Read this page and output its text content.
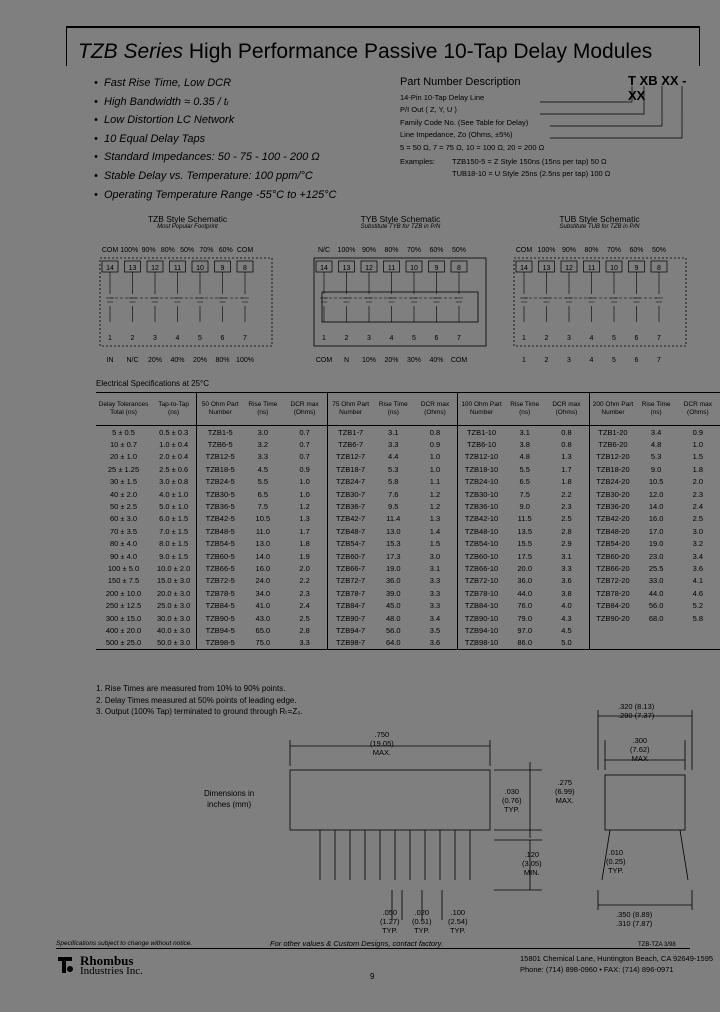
TZB Series High Performance Passive 10-Tap Delay Modules
• Fast Rise Time, Low DCR
• High Bandwidth ≈ 0.35 / tᵣ
• Low Distortion LC Network
• 10 Equal Delay Taps
• Standard Impedances: 50 - 75 - 100 - 200 Ω
• Stable Delay vs. Temperature: 100 ppm/°C
• Operating Temperature Range -55°C to +125°C
Part Number Description	T XB XX - XX
14-Pin 10-Tap Delay Line
P/I Out ( Z, Y, U )
Family Code No. (See Table for Delay)
Line Impedance, Zo (Ohms, ±5%)
5 = 50 Ω, 7 = 75 Ω, 10 = 100 Ω, 20 = 200 Ω
Examples: TZB150-5 = Z Style 150ns (15ns per tap) 50 Ω
TUB18-10 = U Style 25ns (2.5ns per tap) 100 Ω
TZB Style Schematic
Most Popular Footprint
TYB Style Schematic
Substitute TYB for TZB in P/N
TUB Style Schematic
Substitute TUB for TZB in P/N
COM 100% 90% 80% 50% 70% 60% COM
14 13 12 11 10 9	8
1	2	3	4	5	6	7
IN N/C 20% 40% 20% 80% 100%
N/C 100% 90% 80% 70% 60% 50%
14 13 12 11 10 9	8
1	2	3	4	5	6	7
COM N 10% 20% 30% 40% COM
COM 100% 90% 80% 70% 60% 50%
14 13 12 11 10 9	8
1	2	3	4	5	6	7
1	2	3	4	5	6	7
Electrical Specifications at 25°C
Delay Tolerances Total (ns)	Tap-to-Tap (ns)	50 Ohm Part Number	Rise Time (ns)	DCR max (Ohms)	75 Ohm Part Number	Rise Time (ns)	DCR max (Ohms)	100 Ohm Part Number	Rise Time (ns)	DCR max (Ohms)	200 Ohm Part Number	Rise Time (ns)	DCR max (Ohms)
5 ± 0.5	0.5 ± 0.3	TZB1-5	3.0	0.7	TZB1-7	3.1	0.8	TZB1-10	3.1	0.8	TZB1-20	3.4	0.9
10 ± 0.7	1.0 ± 0.4	TZB6-5	3.2	0.7	TZB6-7	3.3	0.9	TZB6-10	3.8	0.8	TZB6-20	4.8	1.0
20 ± 1.0	2.0 ± 0.4	TZB12-5	3.3	0.7	TZB12-7	4.4	1.0	TZB12-10	4.8	1.3	TZB12-20	5.3	1.5
25 ± 1.25	2.5 ± 0.6	TZB18-5	4.5	0.9	TZB18-7	5.3	1.0	TZB18-10	5.5	1.7	TZB18-20	9.0	1.8
30 ± 1.5	3.0 ± 0.8	TZB24-5	5.5	1.0	TZB24-7	5.8	1.1	TZB24-10	6.5	1.8	TZB24-20	10.5	2.0
40 ± 2.0	4.0 ± 1.0	TZB30-5	6.5	1.0	TZB30-7	7.6	1.2	TZB30-10	7.5	2.2	TZB30-20	12.0	2.3
50 ± 2.5	5.0 ± 1.0	TZB36-5	7.5	1.2	TZB36-7	9.5	1.2	TZB36-10	9.0	2.3	TZB36-20	14.0	2.4
60 ± 3.0	6.0 ± 1.5	TZB42-5	10.5	1.3	TZB42-7	11.4	1.3	TZB42-10	11.5	2.5	TZB42-20	16.0	2.5
70 ± 3.5	7.0 ± 1.5	TZB48-5	11.0	1.7	TZB48-7	13.0	1.4	TZB48-10	13.5	2.8	TZB48-20	17.0	3.0
80 ± 4.0	8.0 ± 1.5	TZB54-5	13.0	1.8	TZB54-7	15.3	1.5	TZB54-10	15.5	2.9	TZB54-20	19.0	3.2
90 ± 4.0	9.0 ± 1.5	TZB60-5	14.0	1.9	TZB60-7	17.3	3.0	TZB60-10	17.5	3.1	TZB60-20	23.0	3.4
100 ± 5.0	10.0 ± 2.0	TZB66-5	16.0	2.0	TZB66-7	19.0	3.1	TZB66-10	20.0	3.3	TZB66-20	25.5	3.6
150 ± 7.5	15.0 ± 3.0	TZB72-5	24.0	2.2	TZB72-7	36.0	3.3	TZB72-10	36.0	3.6	TZB72-20	33.0	4.1
200 ± 10.0	20.0 ± 3.0	TZB78-5	34.0	2.3	TZB78-7	39.0	3.3	TZB78-10	44.0	3.8	TZB78-20	44.0	4.6
250 ± 12.5	25.0 ± 3.0	TZB84-5	41.0	2.4	TZB84-7	45.0	3.3	TZB84-10	76.0	4.0	TZB84-20	56.0	5.2
300 ± 15.0	30.0 ± 3.0	TZB90-5	43.0	2.5	TZB90-7	48.0	3.4	TZB90-10	79.0	4.3	TZB90-20	68.0	5.8
400 ± 20.0	40.0 ± 3.0	TZB94-5	65.0	2.8	TZB94-7	56.0	3.5	TZB94-10	97.0	4.5			
500 ± 25.0	50.0 ± 3.0	TZB98-5	75.0	3.3	TZB98-7	64.0	3.6	TZB98-10	86.0	5.0			
1. Rise Times are measured from 10% to 90% points.
2. Delay Times measured at 50% points of leading edge.
3. Output (100% Tap) terminated to ground through Rₜ=Z₀.
Dimensions in
inches (mm)
.750
(19.05)
MAX.
.275
(6.99)
MAX.
.030
(0.76)
TYP.
.120
(3.05)
MIN.
.050
(1.27)
TYP.
.020
(0.51)
TYP.
.100
(2.54)
TYP.
.320 (8.13)
.290 (7.37)
.300
(7.62)
MAX
.010
(0.25)
TYP.
.350 (8.89)
.310 (7.87)
Specifications subject to change without notice.	For other values & Custom Designs, contact factory.	TZB-TZA 3/98
Rhombus
Industries Inc.	9
15801 Chemical Lane, Huntington Beach, CA 92649-1595
Phone: (714) 898-0960 • FAX: (714) 896-0971
